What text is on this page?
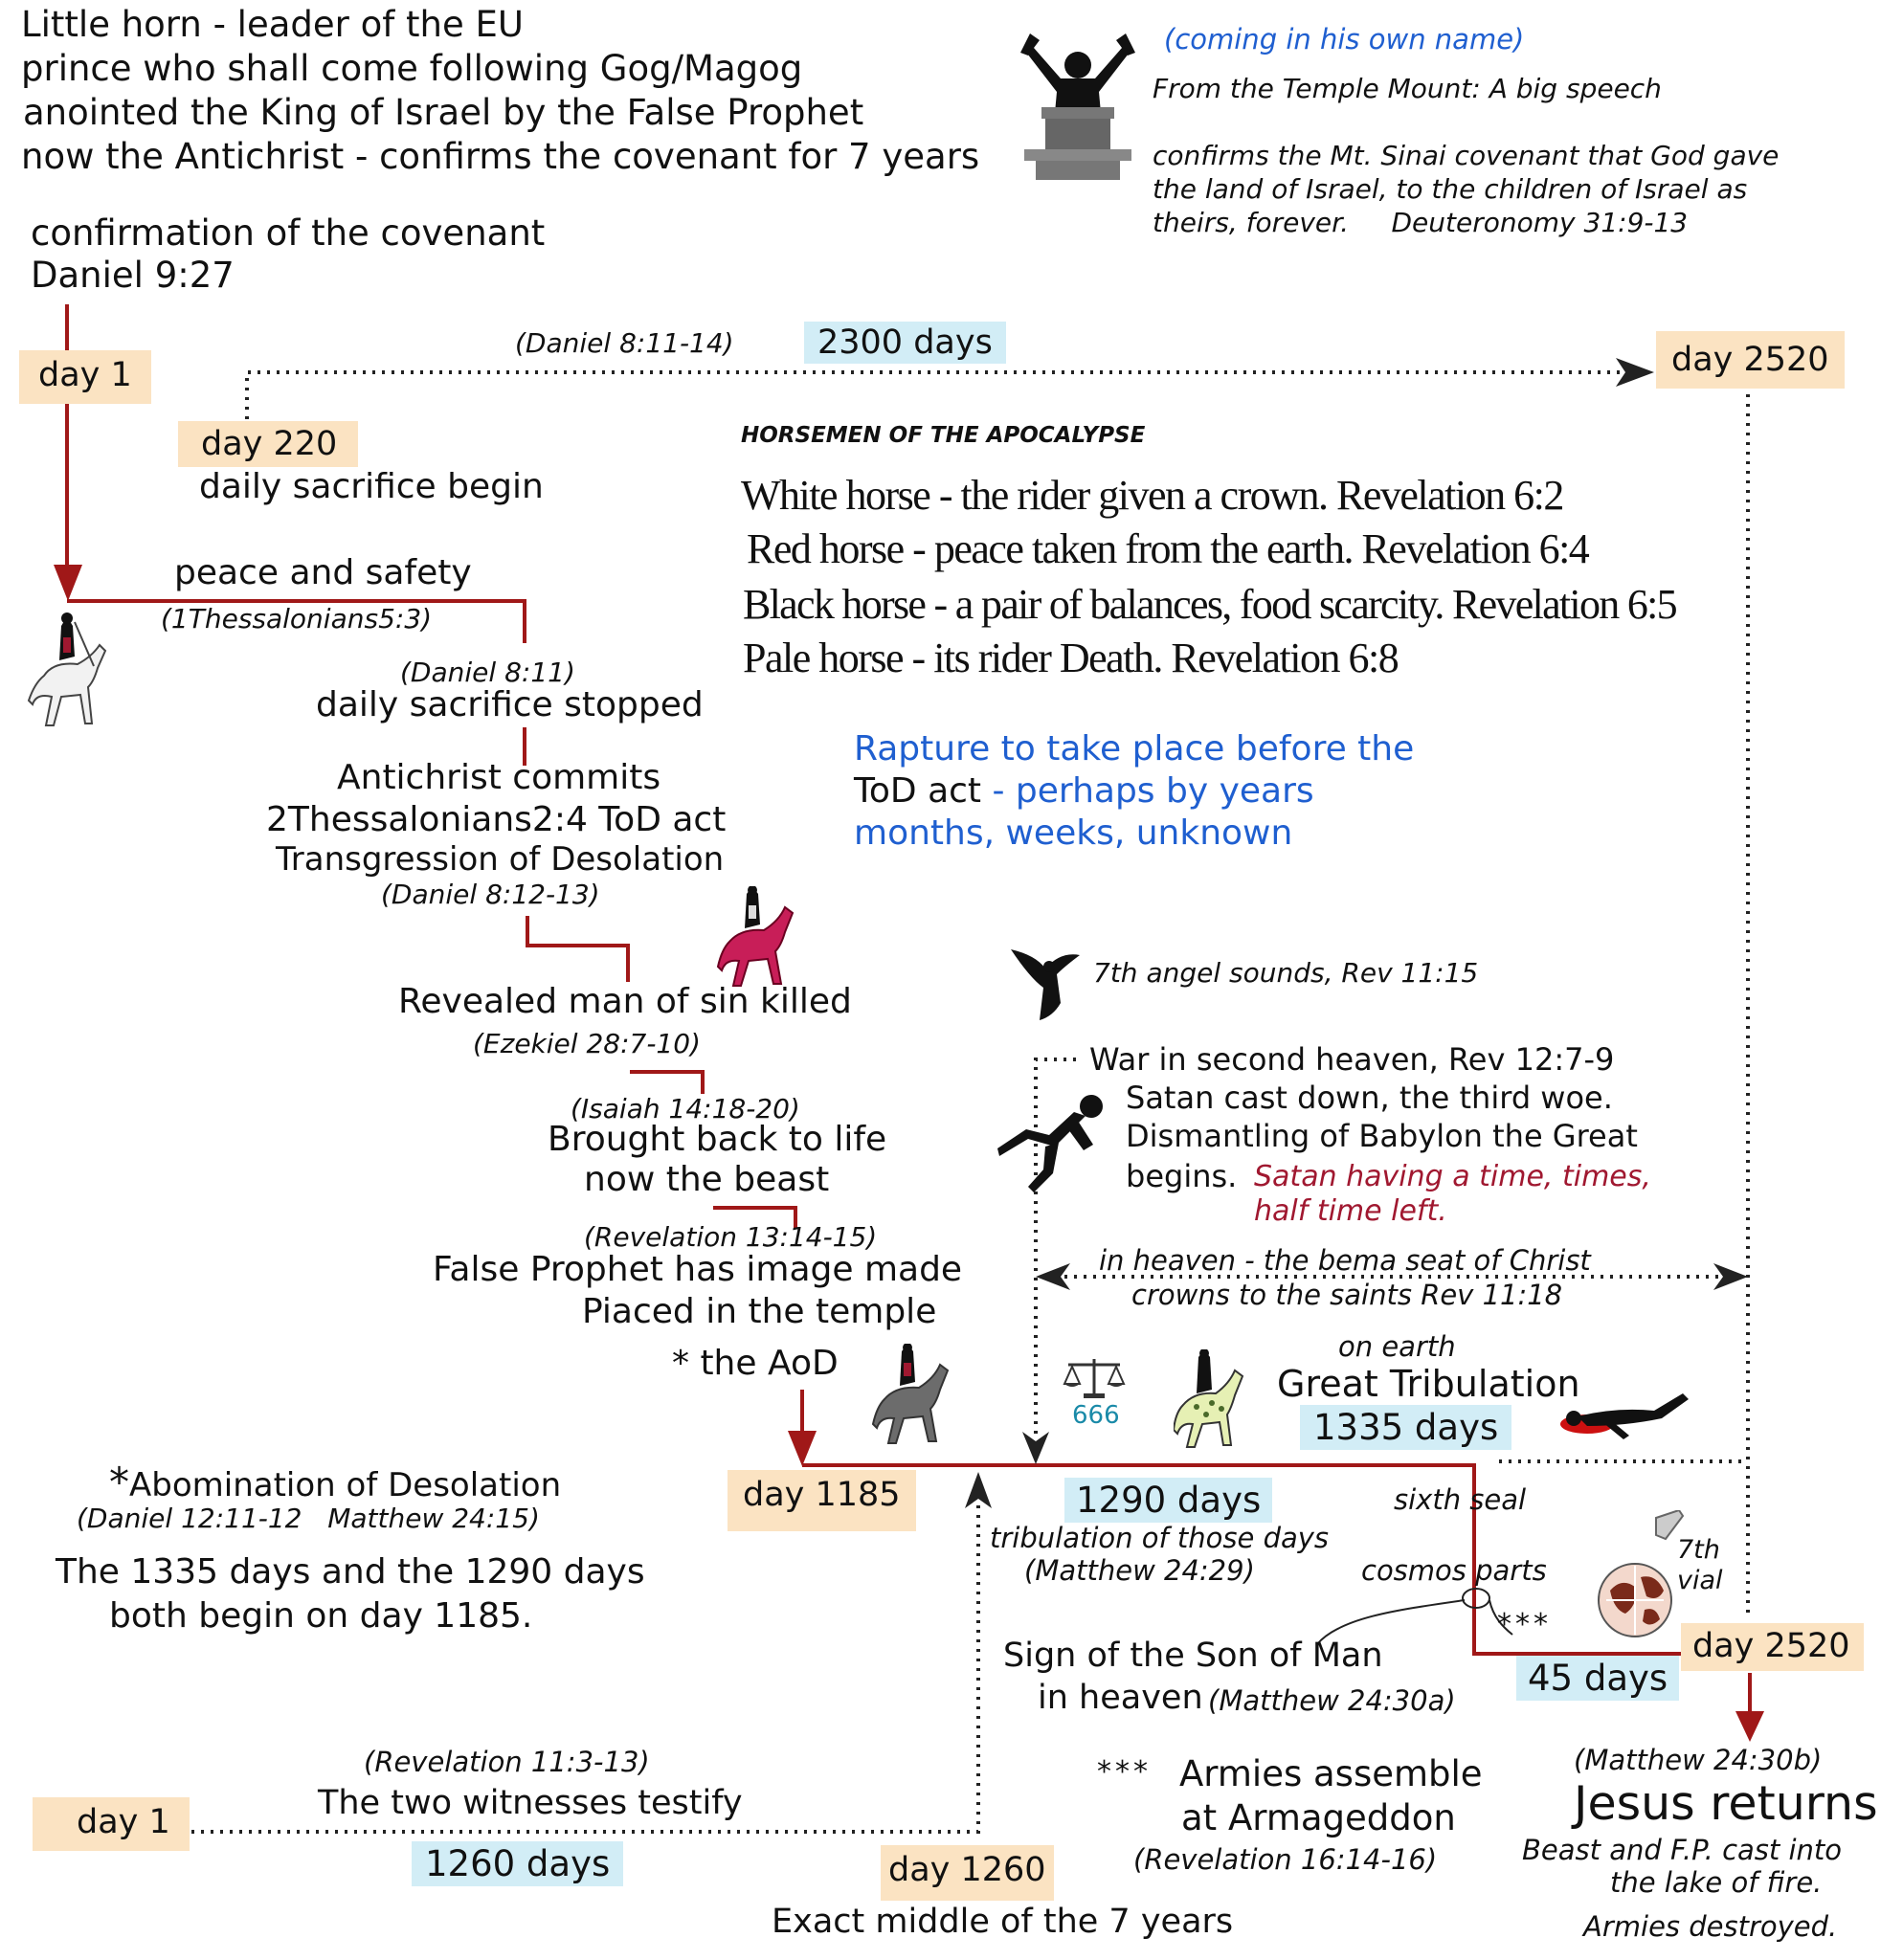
Little horn - leader of the EU
prince who shall come following Gog/Magog
anointed the King of Israel by the False Prophet
now the Antichrist - confirms the covenant for 7 years
(coming in his own name)
From the Temple Mount: A big speech
confirms the Mt. Sinai covenant that God gave
the land of Israel, to the children of Israel as
theirs, forever.     Deuteronomy 31:9-13
confirmation of the covenant
Daniel 9:27
day 1
(Daniel 8:11-14)	2300 days	day 2520
day 220
daily sacrifice begin
HORSEMEN OF THE APOCALYPSE
White horse - the rider given a crown. Revelation 6:2
Red horse - peace taken from the earth. Revelation 6:4
Black horse - a pair of balances, food scarcity. Revelation 6:5
Pale horse - its rider Death. Revelation 6:8
peace and safety
(1Thessalonians5:3)
(Daniel 8:11)
daily sacrifice stopped
Antichrist commits
2Thessalonians2:4 ToD act
Transgression of Desolation
(Daniel 8:12-13)
Revealed man of sin killed
(Ezekiel 28:7-10)
(Isaiah 14:18-20)
Brought back to life
now the beast
(Revelation 13:14-15)
False Prophet has image made
Piaced in the temple
* the AoD
Rapture to take place before the
ToD act - perhaps by years
months, weeks, unknown
7th angel sounds, Rev 11:15
War in second heaven, Rev 12:7-9
Satan cast down, the third woe.
Dismantling of Babylon the Great
begins. Satan having a time, times,
half time left.
in heaven - the bema seat of Christ
crowns to the saints Rev 11:18
666
on earth
Great Tribulation
1335 days
*Abomination of Desolation
(Daniel 12:11-12   Matthew 24:15)
The 1335 days and the 1290 days
both begin on day 1185.
day 1185	1290 days
tribulation of those days
(Matthew 24:29)
sixth seal
cosmos parts
7th
vial
***
day 2520
45 days
Sign of the Son of Man
in heaven (Matthew 24:30a)
*** Armies assemble
at Armageddon
(Revelation 16:14-16)
(Matthew 24:30b)
Jesus returns
Beast and F.P. cast into
the lake of fire.
Armies destroyed.
(Revelation 11:3-13)
The two witnesses testify
day 1
1260 days	day 1260
Exact middle of the 7 years
